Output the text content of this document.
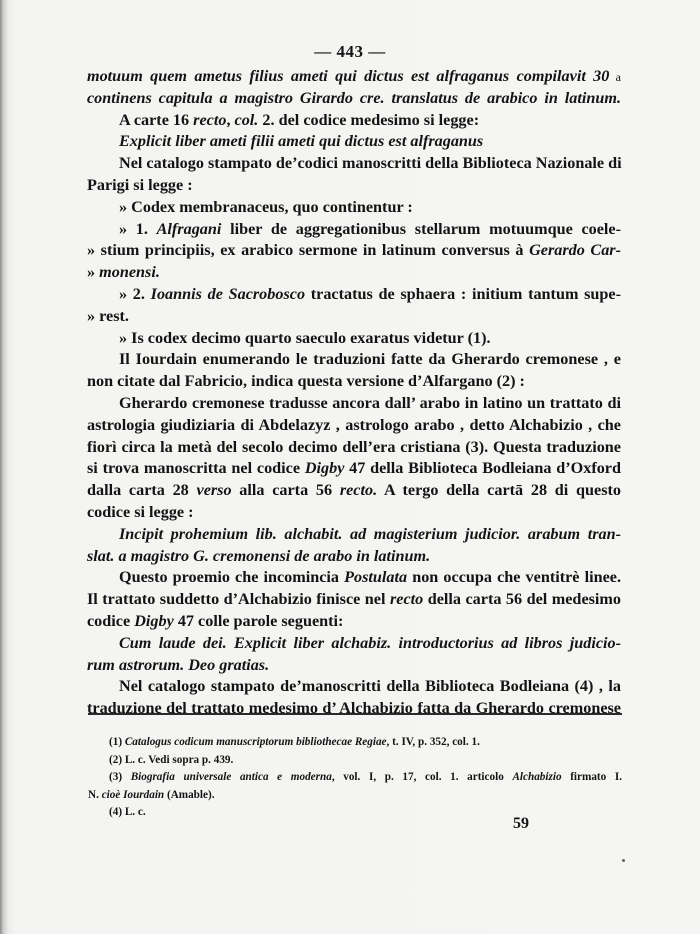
— 443 —
motuum quem ametus filius ameti qui dictus est alfraganus compilavit 30 a
continens capitula a magistro Girardo cre. translatus de arabico in latinum.
A carte 16 recto, col. 2. del codice medesimo si legge:
Explicit liber ameti filii ameti qui dictus est alfraganus
Nel catalogo stampato de’codici manoscritti della Biblioteca Nazionale di
Parigi si legge :
» Codex membranaceus, quo continentur :
» 1. Alfragani liber de aggregationibus stellarum motuumque coele-
» stium principiis, ex arabico sermone in latinum conversus à Gerardo Car-
» monensi.
» 2. Ioannis de Sacrobosco tractatus de sphaera : initium tantum supe-
» rest.
» Is codex decimo quarto saeculo exaratus videtur (1).
Il Iourdain enumerando le traduzioni fatte da Gherardo cremonese , e
non citate dal Fabricio, indica questa versione d’Alfargano (2) :
Gherardo cremonese tradusse ancora dall’ arabo in latino un trattato di
astrologia giudiziaria di Abdelazyz , astrologo arabo , detto Alchabizio , che
fiorì circa la metà del secolo decimo dell’era cristiana (3). Questa traduzione
si trova manoscritta nel codice Digby 47 della Biblioteca Bodleiana d’Oxford
dalla carta 28 verso alla carta 56 recto. A tergo della cartā 28 di questo
codice si legge :
Incipit prohemium lib. alchabit. ad magisterium judicior. arabum tran-
slat. a magistro G. cremonensi de arabo in latinum.
Questo proemio che incomincia Postulata non occupa che ventitrè linee.
Il trattato suddetto d’Alchabizio finisce nel recto della carta 56 del medesimo
codice Digby 47 colle parole seguenti:
Cum laude dei. Explicit liber alchabiz. introductorius ad libros judicio-
rum astrorum. Deo gratias.
Nel catalogo stampato de’manoscritti della Biblioteca Bodleiana (4) , la
traduzione del trattato medesimo d’ Alchabizio fatta da Gherardo cremonese
(1) Catalogus codicum manuscriptorum bibliothecae Regiae, t. IV, p. 352, col. 1.
(2) L. c. Vedi sopra p. 439.
(3) Biografia universale antica e moderna, vol. I, p. 17, col. 1. articolo Alchabizio firmato I.
N. cioè Iourdain (Amable).
(4) L. c.
59
